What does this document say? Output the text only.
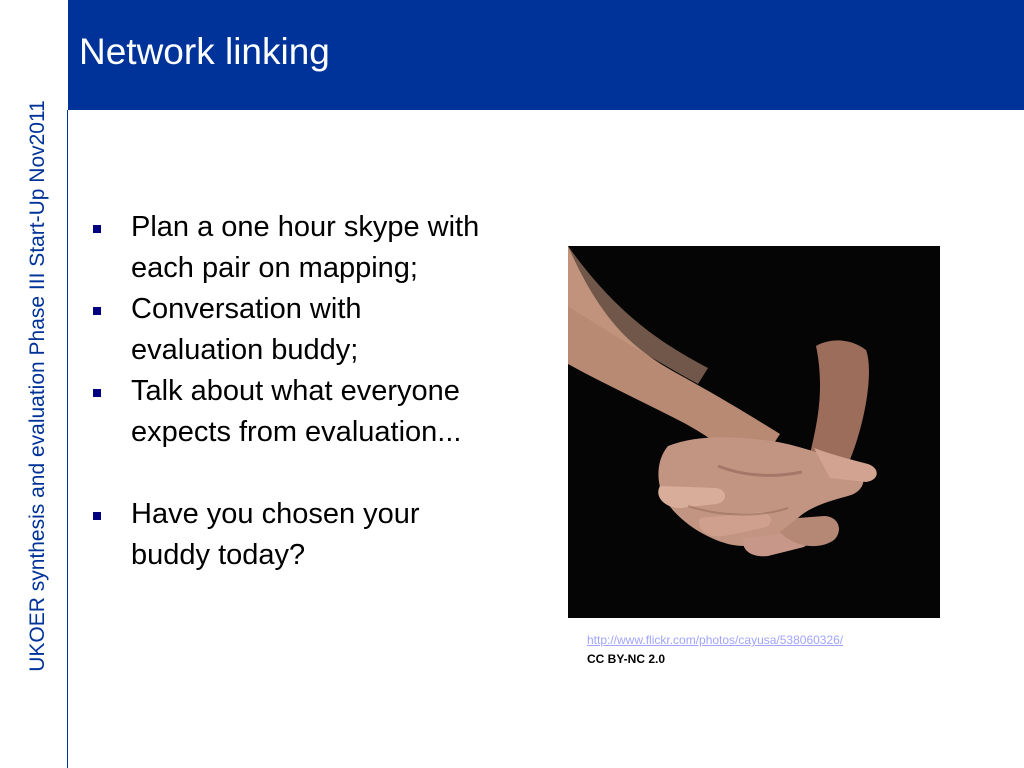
Network linking
UKOER synthesis and evaluation Phase III Start-Up Nov2011	Plan a one hour skype with each pair on mapping;
Conversation with evaluation buddy;
Talk about what everyone expects from evaluation...
Have you chosen your buddy today?
http://www.flickr.com/photos/cayusa/538060326/
CC BY-NC 2.0
